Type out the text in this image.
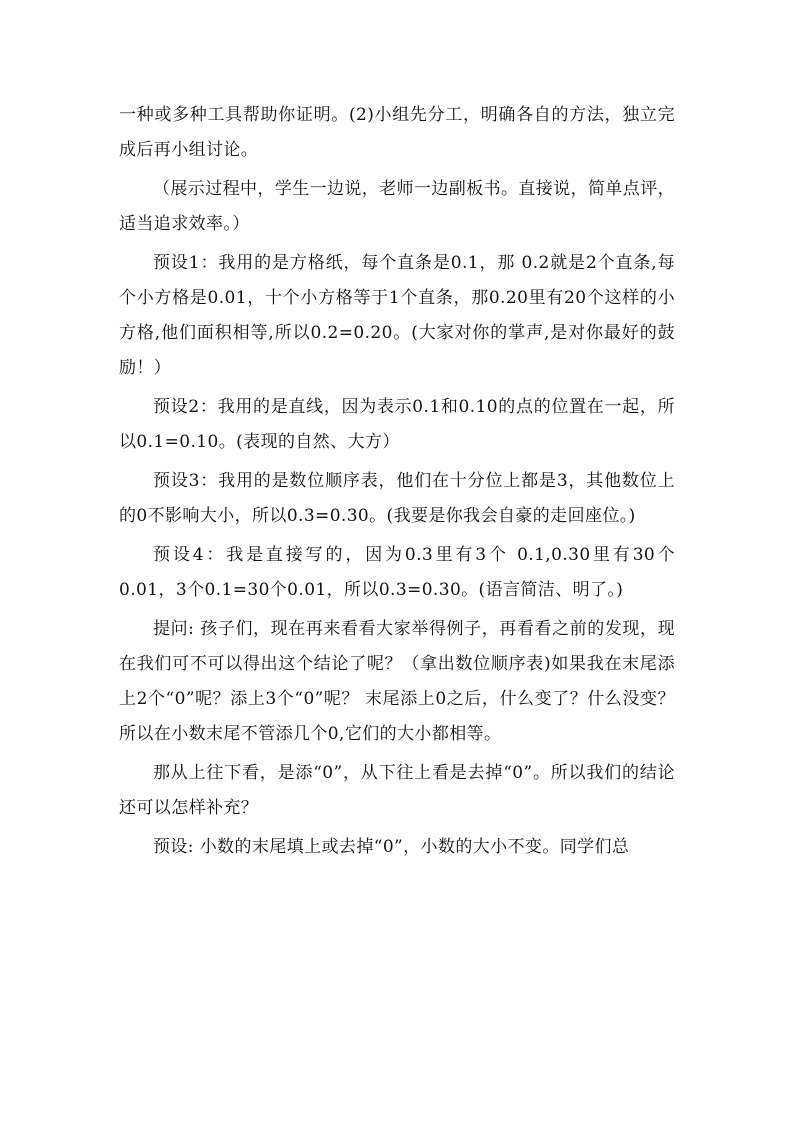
一种或多种工具帮助你证明。(2)小组先分工，明确各自的方法，独立完成后再小组讨论。

（展示过程中，学生一边说，老师一边副板书。直接说，简单点评，适当追求效率。）

预设1：我用的是方格纸，每个直条是0.1，那 0.2就是2个直条,每个小方格是0.01，十个小方格等于1个直条，那0.20里有20个这样的小方格,他们面积相等,所以0.2=0.20。(大家对你的掌声,是对你最好的鼓励！）

预设2：我用的是直线，因为表示0.1和0.10的点的位置在一起，所以0.1=0.10。(表现的自然、大方）

预设3：我用的是数位顺序表，他们在十分位上都是3，其他数位上的0不影响大小，所以0.3=0.30。(我要是你我会自豪的走回座位。)

预设4：我是直接写的，因为0.3里有3个 0.1,0.30里有30个0.01，3个0.1=30个0.01，所以0.3=0.30。(语言简洁、明了。)

提问: 孩子们，现在再来看看大家举得例子，再看看之前的发现，现在我们可不可以得出这个结论了呢？（拿出数位顺序表)如果我在末尾添上2个“0”呢？添上3个“0”呢？ 末尾添上0之后，什么变了？什么没变？所以在小数末尾不管添几个0,它们的大小都相等。

那从上往下看，是添“0”，从下往上看是去掉“0”。所以我们的结论还可以怎样补充？

预设: 小数的末尾填上或去掉“0”，小数的大小不变。同学们总
